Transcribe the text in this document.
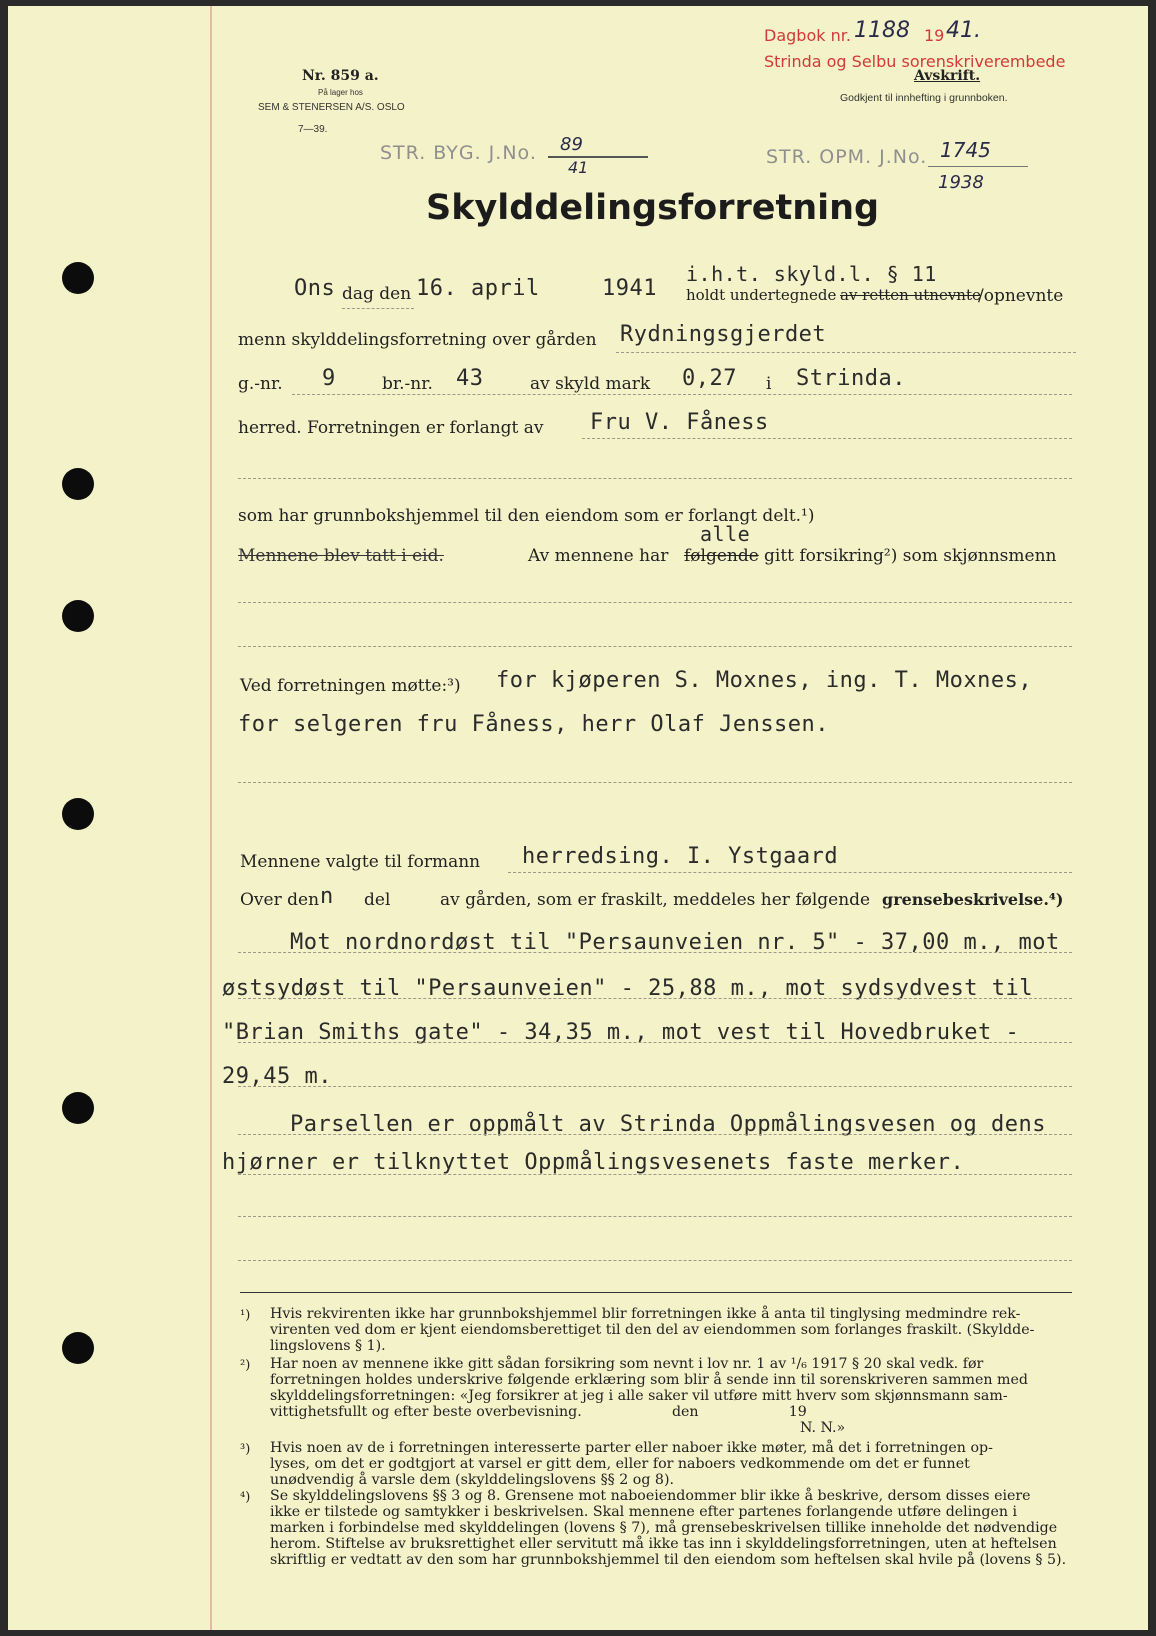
Nr. 859 a.
På lager hos
SEM & STENERSEN A/S. OSLO
7—39.
Dagbok nr. 1188 19 41.
Strinda og Selbu sorenskriverembede
Avskrift.
Godkjent til innhefting i grunnboken.
STR. BYG. J.No. 89
41	STR. OPM. J.No. 1745
1938
Skylddelingsforretning
Ons dag den 16. april	1941
i.h.t. skyld.l. § 11
holdt undertegnede av retten utnevnte
/opnevnte
menn skylddelingsforretning over gården Rydningsgjerdet
g.-nr. 9	br.-nr. 43	av skyld mark 0,27 i Strinda.
herred. Forretningen er forlangt av Fru V. Fåness
som har grunnbokshjemmel til den eiendom som er forlangt delt.¹)
Mennene blev tatt i eid.	Av mennene har
alle
følgende gitt forsikring²) som skjønnsmenn
Ved forretningen møtte:³) for kjøperen S. Moxnes, ing. T. Moxnes,
for selgeren fru Fåness, herr Olaf Jenssen.
Mennene valgte til formann herredsing. I. Ystgaard
Over den n del	av gården, som er fraskilt, meddeles her følgende grensebeskrivelse.⁴)
Mot nordnordøst til "Persaunveien nr. 5" - 37,00 m., mot
østsydøst til "Persaunveien" - 25,88 m., mot sydsydvest til
"Brian Smiths gate" - 34,35 m., mot vest til Hovedbruket -
29,45 m.
Parsellen er oppmålt av Strinda Oppmålingsvesen og dens
hjørner er tilknyttet Oppmålingsvesenets faste merker.
¹) Hvis rekvirenten ikke har grunnbokshjemmel blir forretningen ikke å anta til tinglysing medmindre rek-
virenten ved dom er kjent eiendomsberettiget til den del av eiendommen som forlanges fraskilt. (Skyldde-
lingslovens § 1).
²) Har noen av mennene ikke gitt sådan forsikring som nevnt i lov nr. 1 av ¹/₆ 1917 § 20 skal vedk. før
forretningen holdes underskrive følgende erklæring som blir å sende inn til sorenskriveren sammen med
skylddelingsforretningen: «Jeg forsikrer at jeg i alle saker vil utføre mitt hverv som skjønnsmann sam-
vittighetsfullt og efter beste overbevisning.                    den                    19
N. N.»
³) Hvis noen av de i forretningen interesserte parter eller naboer ikke møter, må det i forretningen op-
lyses, om det er godtgjort at varsel er gitt dem, eller for naboers vedkommende om det er funnet
unødvendig å varsle dem (skylddelingslovens §§ 2 og 8).
⁴) Se skylddelingslovens §§ 3 og 8. Grensene mot naboeiendommer blir ikke å beskrive, dersom disses eiere
ikke er tilstede og samtykker i beskrivelsen. Skal mennene efter partenes forlangende utføre delingen i
marken i forbindelse med skylddelingen (lovens § 7), må grensebeskrivelsen tillike inneholde det nødvendige
herom. Stiftelse av bruksrettighet eller servitutt må ikke tas inn i skylddelingsforretningen, uten at heftelsen
skriftlig er vedtatt av den som har grunnbokshjemmel til den eiendom som heftelsen skal hvile på (lovens § 5).
